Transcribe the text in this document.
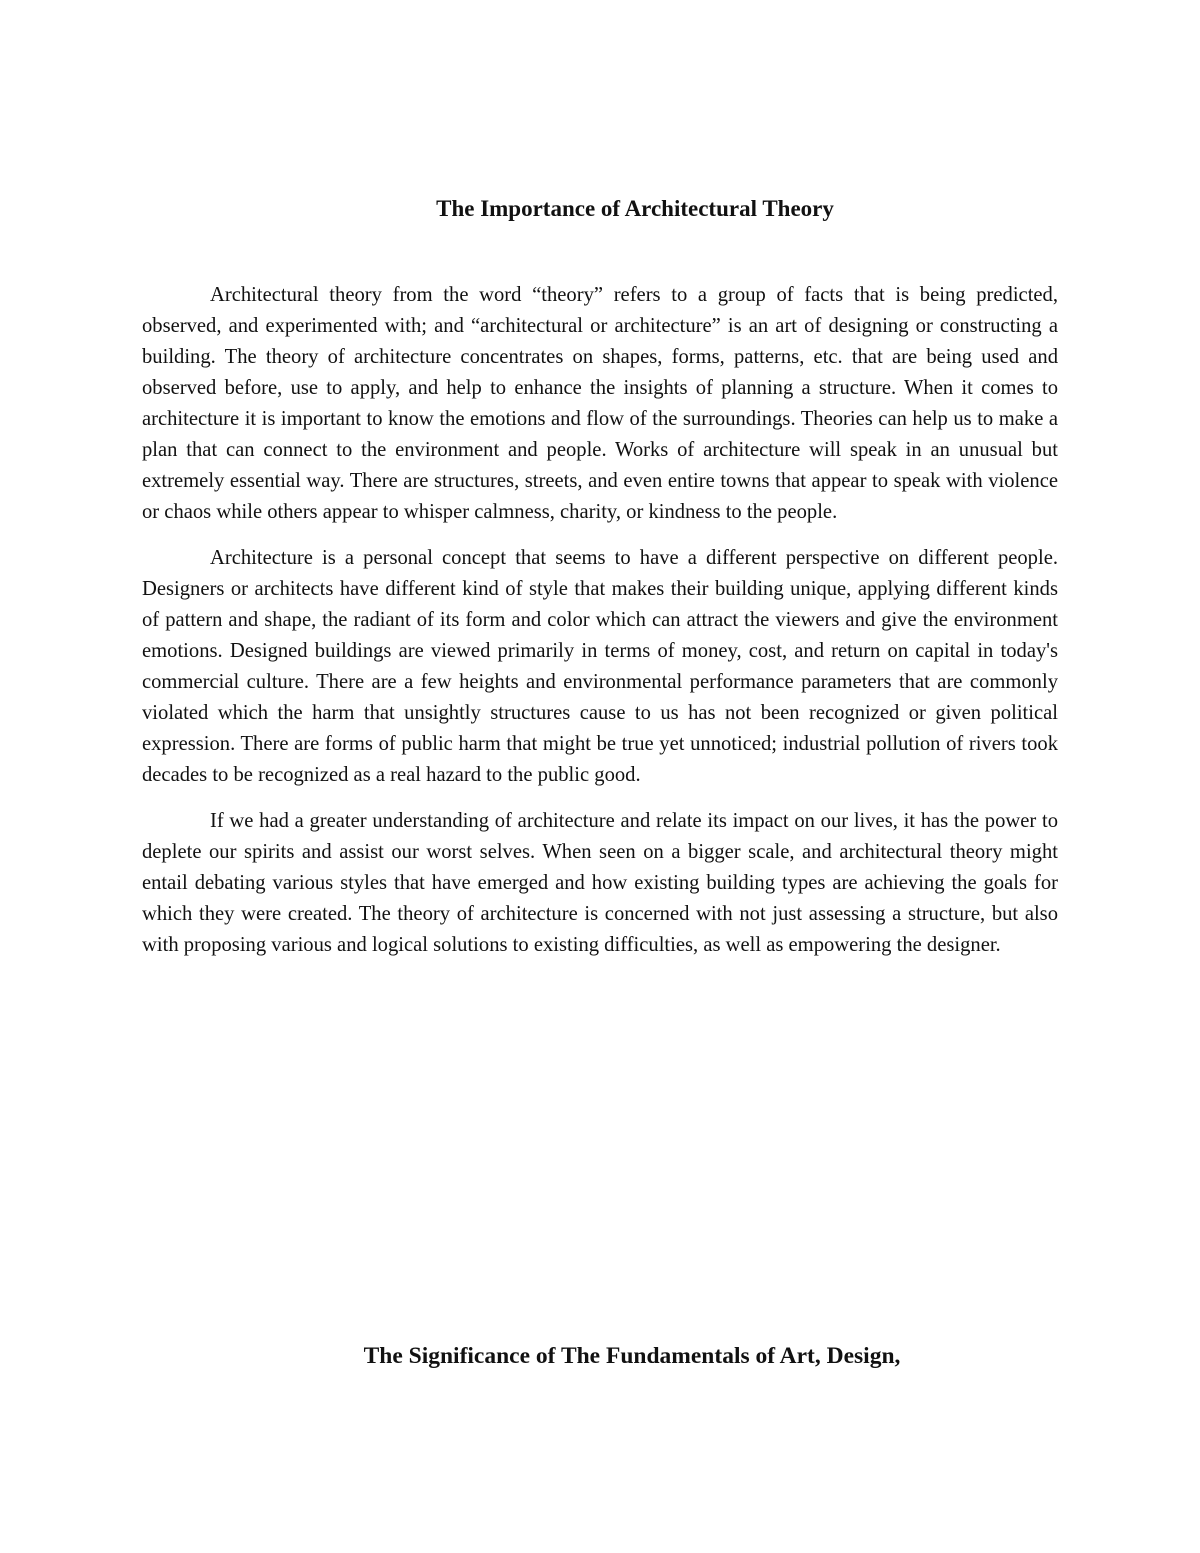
The Importance of Architectural Theory

Architectural theory from the word “theory” refers to a group of facts that is being predicted, observed, and experimented with; and “architectural or architecture” is an art of designing or constructing a building. The theory of architecture concentrates on shapes, forms, patterns, etc. that are being used and observed before, use to apply, and help to enhance the insights of planning a structure. When it comes to architecture it is important to know the emotions and flow of the surroundings. Theories can help us to make a plan that can connect to the environment and people. Works of architecture will speak in an unusual but extremely essential way. There are structures, streets, and even entire towns that appear to speak with violence or chaos while others appear to whisper calmness, charity, or kindness to the people.

Architecture is a personal concept that seems to have a different perspective on different people. Designers or architects have different kind of style that makes their building unique, applying different kinds of pattern and shape, the radiant of its form and color which can attract the viewers and give the environment emotions. Designed buildings are viewed primarily in terms of money, cost, and return on capital in today's commercial culture. There are a few heights and environmental performance parameters that are commonly violated which the harm that unsightly structures cause to us has not been recognized or given political expression. There are forms of public harm that might be true yet unnoticed; industrial pollution of rivers took decades to be recognized as a real hazard to the public good.

If we had a greater understanding of architecture and relate its impact on our lives, it has the power to deplete our spirits and assist our worst selves. When seen on a bigger scale, and architectural theory might entail debating various styles that have emerged and how existing building types are achieving the goals for which they were created. The theory of architecture is concerned with not just assessing a structure, but also with proposing various and logical solutions to existing difficulties, as well as empowering the designer.

The Significance of The Fundamentals of Art, Design,
